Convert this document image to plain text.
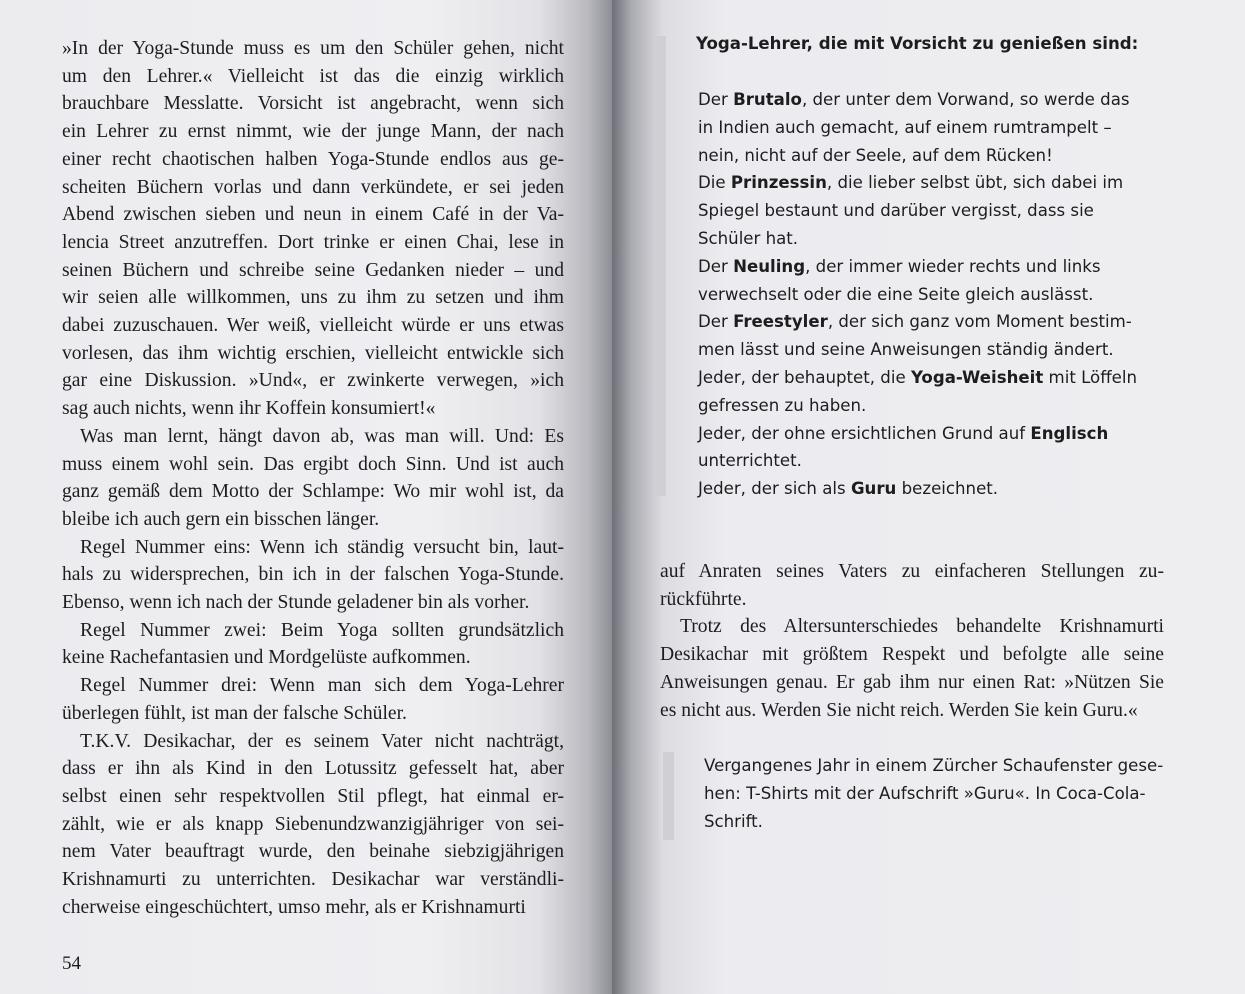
»In der Yoga-Stunde muss es um den Schüler gehen, nicht
um den Lehrer.« Vielleicht ist das die einzig wirklich
brauchbare Messlatte. Vorsicht ist angebracht, wenn sich
ein Lehrer zu ernst nimmt, wie der junge Mann, der nach
einer recht chaotischen halben Yoga-Stunde endlos aus ge-
scheiten Büchern vorlas und dann verkündete, er sei jeden
Abend zwischen sieben und neun in einem Café in der Va-
lencia Street anzutreffen. Dort trinke er einen Chai, lese in
seinen Büchern und schreibe seine Gedanken nieder – und
wir seien alle willkommen, uns zu ihm zu setzen und ihm
dabei zuzuschauen. Wer weiß, vielleicht würde er uns etwas
vorlesen, das ihm wichtig erschien, vielleicht entwickle sich
gar eine Diskussion. »Und«, er zwinkerte verwegen, »ich
sag auch nichts, wenn ihr Koffein konsumiert!«

Was man lernt, hängt davon ab, was man will. Und: Es
muss einem wohl sein. Das ergibt doch Sinn. Und ist auch
ganz gemäß dem Motto der Schlampe: Wo mir wohl ist, da
bleibe ich auch gern ein bisschen länger.

Regel Nummer eins: Wenn ich ständig versucht bin, laut-
hals zu widersprechen, bin ich in der falschen Yoga-Stunde.
Ebenso, wenn ich nach der Stunde geladener bin als vorher.

Regel Nummer zwei: Beim Yoga sollten grundsätzlich
keine Rachefantasien und Mordgelüste aufkommen.

Regel Nummer drei: Wenn man sich dem Yoga-Lehrer
überlegen fühlt, ist man der falsche Schüler.

T.K.V. Desikachar, der es seinem Vater nicht nachträgt,
dass er ihn als Kind in den Lotussitz gefesselt hat, aber
selbst einen sehr respektvollen Stil pflegt, hat einmal er-
zählt, wie er als knapp Siebenundzwanzigjähriger von sei-
nem Vater beauftragt wurde, den beinahe siebzigjährigen
Krishnamurti zu unterrichten. Desikachar war verständli-
cherweise eingeschüchtert, umso mehr, als er Krishnamurti

54
Yoga-Lehrer, die mit Vorsicht zu genießen sind:
Der Brutalo, der unter dem Vorwand, so werde das
in Indien auch gemacht, auf einem rumtrampelt –
nein, nicht auf der Seele, auf dem Rücken!
Die Prinzessin, die lieber selbst übt, sich dabei im
Spiegel bestaunt und darüber vergisst, dass sie
Schüler hat.
Der Neuling, der immer wieder rechts und links
verwechselt oder die eine Seite gleich auslässt.
Der Freestyler, der sich ganz vom Moment bestim-
men lässt und seine Anweisungen ständig ändert.
Jeder, der behauptet, die Yoga-Weisheit mit Löffeln
gefressen zu haben.
Jeder, der ohne ersichtlichen Grund auf Englisch
unterrichtet.
Jeder, der sich als Guru bezeichnet.
auf Anraten seines Vaters zu einfacheren Stellungen zu-
rückführte.
Trotz des Altersunterschiedes behandelte Krishnamurti
Desikachar mit größtem Respekt und befolgte alle seine
Anweisungen genau. Er gab ihm nur einen Rat: »Nützen Sie
es nicht aus. Werden Sie nicht reich. Werden Sie kein Guru.«
Vergangenes Jahr in einem Zürcher Schaufenster gese-
hen: T-Shirts mit der Aufschrift »Guru«. In Coca-Cola-
Schrift.
